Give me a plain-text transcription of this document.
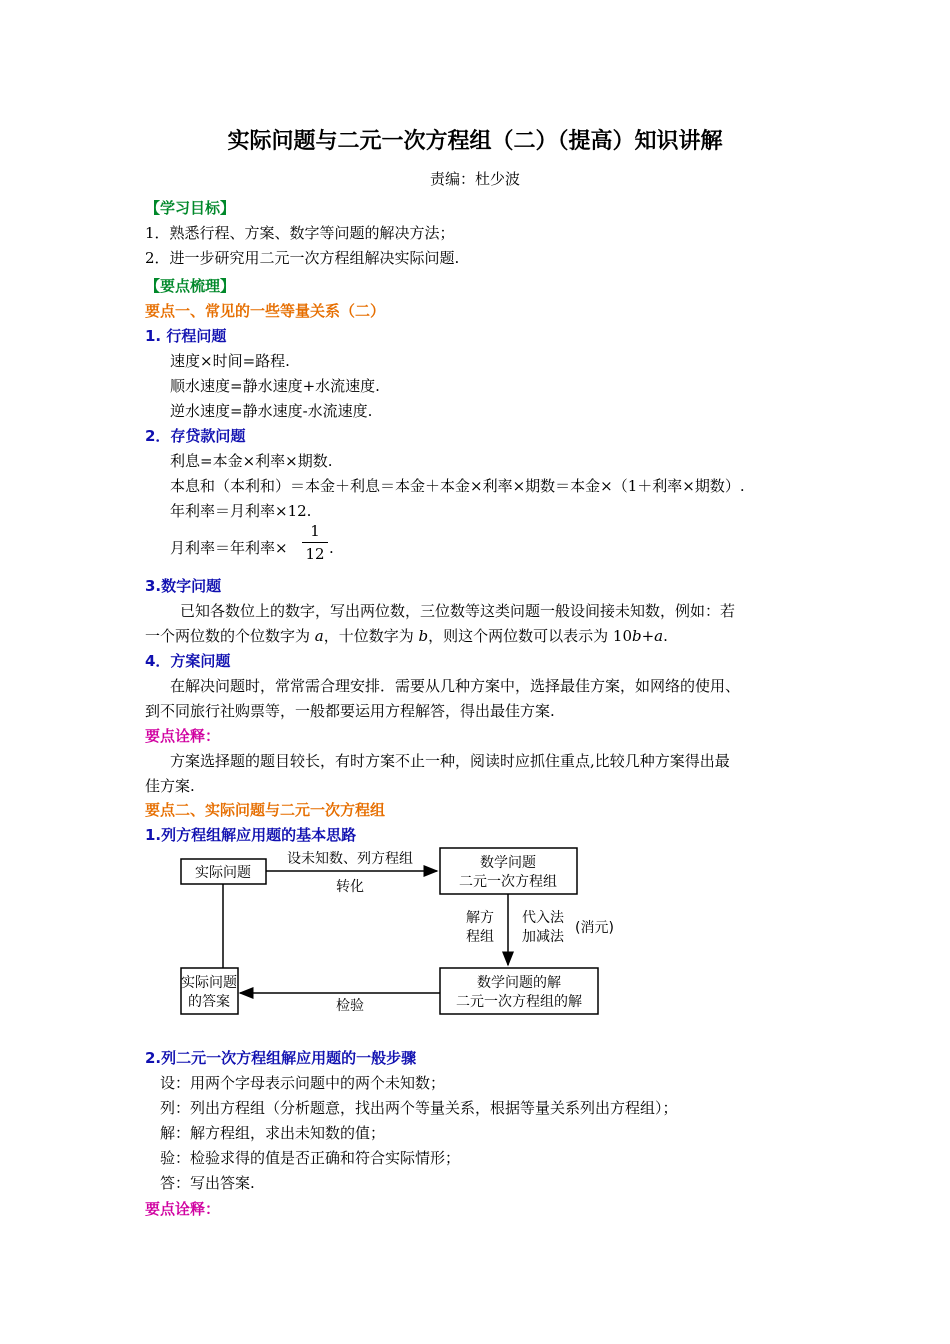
实际问题与二元一次方程组（二）（提高）知识讲解
责编：杜少波
【学习目标】
1．熟悉行程、方案、数字等问题的解决方法；
2．进一步研究用二元一次方程组解决实际问题.
【要点梳理】
要点一、常见的一些等量关系（二）
1. 行程问题
速度×时间=路程.
顺水速度=静水速度+水流速度.
逆水速度=静水速度-水流速度.
2．存贷款问题
利息=本金×利率×期数.
本息和（本利和）＝本金＋利息＝本金＋本金×利率×期数＝本金×（1＋利率×期数）.
年利率＝月利率×12.
月利率＝年利率×
1
12 .
3.数字问题
已知各数位上的数字，写出两位数，三位数等这类问题一般设间接未知数，例如：若
一个两位数的个位数字为 a，十位数字为 b，则这个两位数可以表示为 10b+a.
4．方案问题
在解决问题时，常常需合理安排．需要从几种方案中，选择最佳方案，如网络的使用、
到不同旅行社购票等，一般都要运用方程解答，得出最佳方案.
要点诠释：
方案选择题的题目较长，有时方案不止一种，阅读时应抓住重点,比较几种方案得出最
佳方案.
要点二、实际问题与二元一次方程组
1.列方程组解应用题的基本思路
实际问题
设未知数、列方程组
转化
数学问题
二元一次方程组
解方
程组
代入法
加减法
(消元)
数学问题的解
二元一次方程组的解
检验
实际问题
的答案
2.列二元一次方程组解应用题的一般步骤
设：用两个字母表示问题中的两个未知数；
列：列出方程组（分析题意，找出两个等量关系，根据等量关系列出方程组）；
解：解方程组，求出未知数的值；
验：检验求得的值是否正确和符合实际情形；
答：写出答案.
要点诠释：
